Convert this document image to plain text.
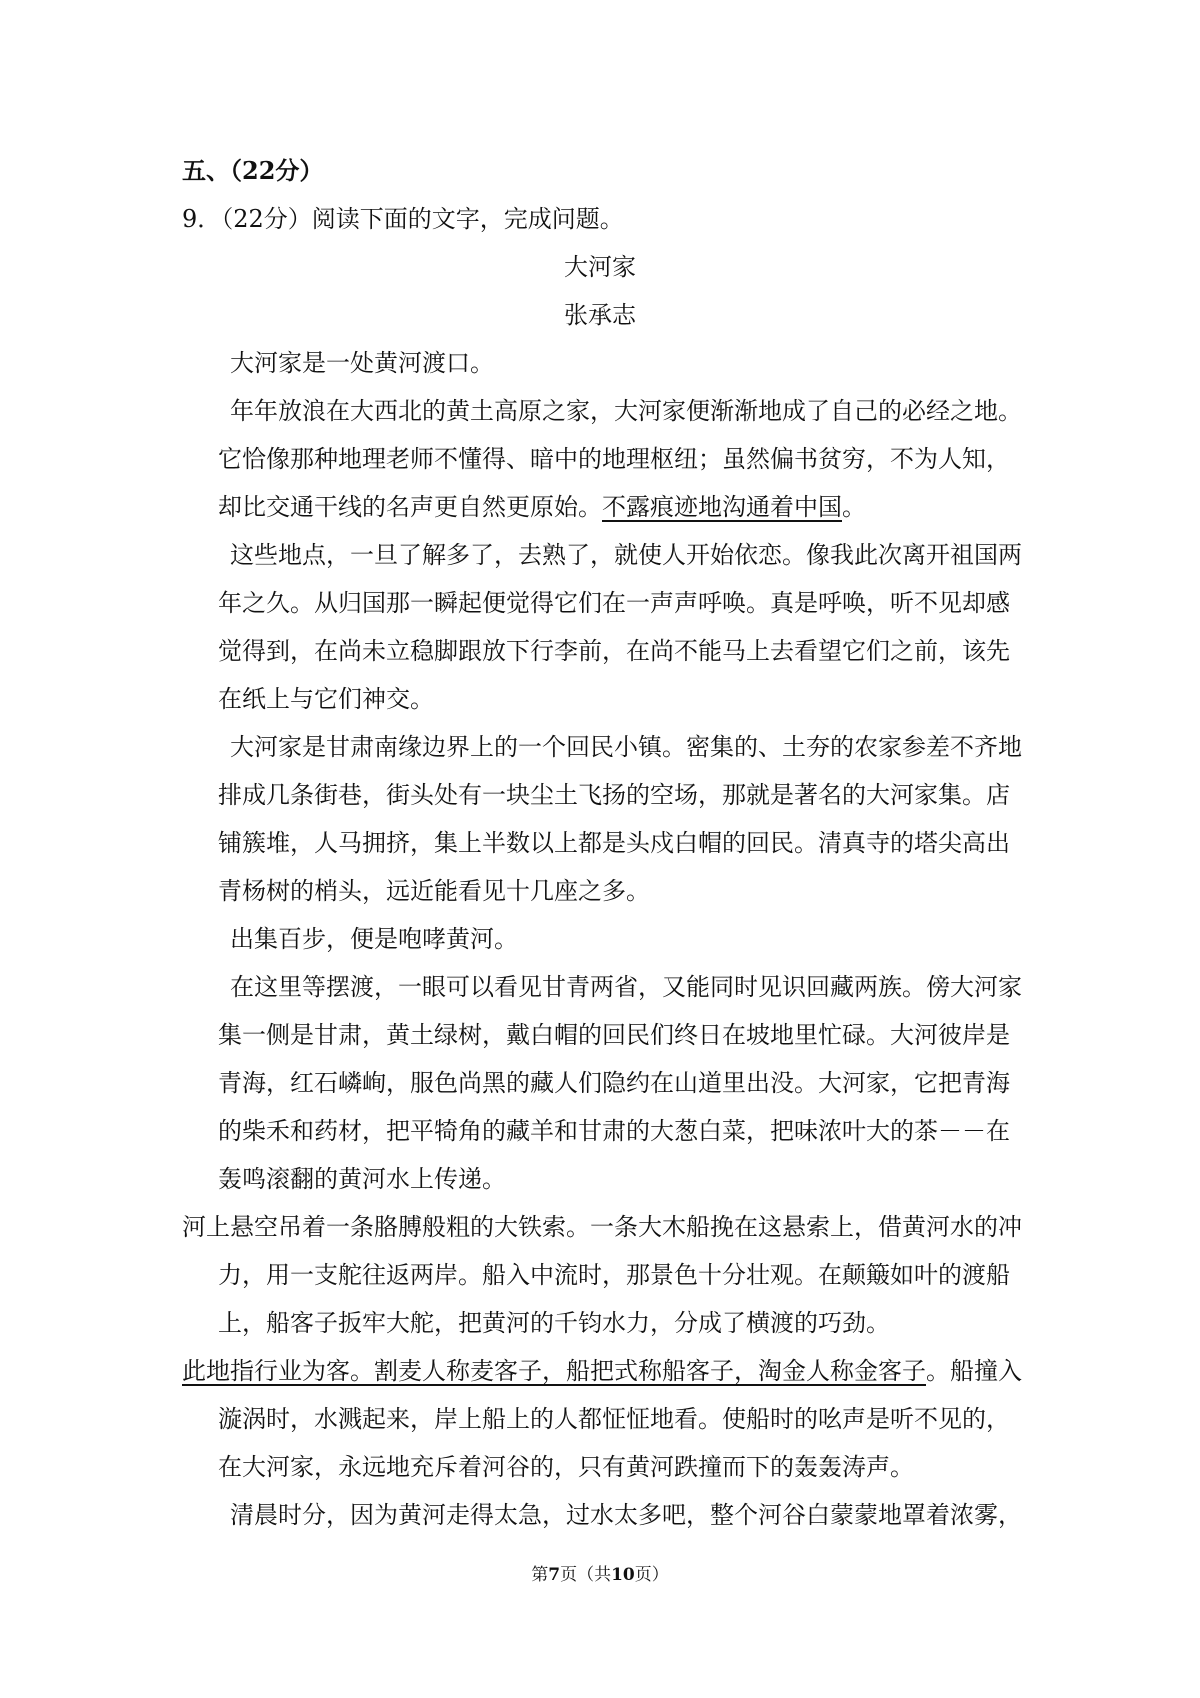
五、（22分）
9．（22分）阅读下面的文字，完成问题。
大河家
张承志
大河家是一处黄河渡口。
年年放浪在大西北的黄土高原之家，大河家便渐渐地成了自己的必经之地。
它恰像那种地理老师不懂得、暗中的地理枢纽；虽然偏书贫穷，不为人知，
却比交通干线的名声更自然更原始。不露痕迹地沟通着中国。
这些地点，一旦了解多了，去熟了，就使人开始依恋。像我此次离开祖国两
年之久。从归国那一瞬起便觉得它们在一声声呼唤。真是呼唤，听不见却感
觉得到，在尚未立稳脚跟放下行李前，在尚不能马上去看望它们之前，该先
在纸上与它们神交。
大河家是甘肃南缘边界上的一个回民小镇。密集的、土夯的农家参差不齐地
排成几条街巷，街头处有一块尘土飞扬的空场，那就是著名的大河家集。店
铺簇堆，人马拥挤，集上半数以上都是头戍白帽的回民。清真寺的塔尖高出
青杨树的梢头，远近能看见十几座之多。
出集百步，便是咆哮黄河。
在这里等摆渡，一眼可以看见甘青两省，又能同时见识回藏两族。傍大河家
集一侧是甘肃，黄土绿树，戴白帽的回民们终日在坡地里忙碌。大河彼岸是
青海，红石嶙峋，服色尚黑的藏人们隐约在山道里出没。大河家，它把青海
的柴禾和药材，把平犄角的藏羊和甘肃的大葱白菜，把味浓叶大的茶－－在
轰鸣滚翻的黄河水上传递。
河上悬空吊着一条胳膊般粗的大铁索。一条大木船挽在这悬索上，借黄河水的冲
力，用一支舵往返两岸。船入中流时，那景色十分壮观。在颠簸如叶的渡船
上，船客子扳牢大舵，把黄河的千钧水力，分成了横渡的巧劲。
此地指行业为客。割麦人称麦客子，船把式称船客子，淘金人称金客子。船撞入
漩涡时，水溅起来，岸上船上的人都怔怔地看。使船时的吆声是听不见的，
在大河家，永远地充斥着河谷的，只有黄河跌撞而下的轰轰涛声。
清晨时分，因为黄河走得太急，过水太多吧，整个河谷白蒙蒙地罩着浓雾，
第7页（共10页）
